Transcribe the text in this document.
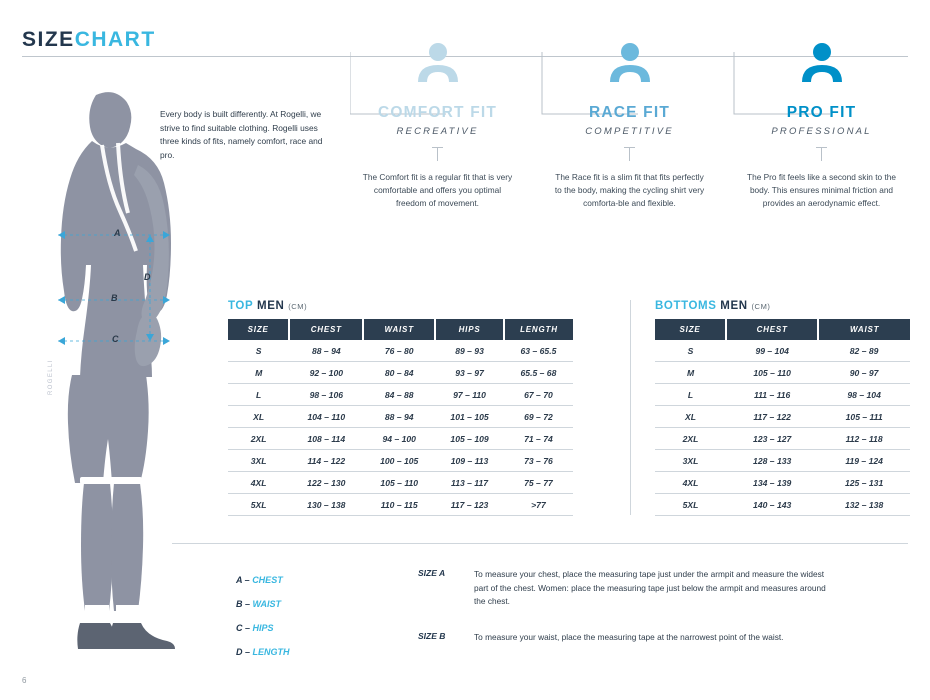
SIZECHART
Every body is built differently. At Rogelli, we strive to find suitable clothing. Rogelli uses three kinds of fits, namely comfort, race and pro.
ROGELLI
A
D
B
C
COMFORT FIT
RECREATIVE
The Comfort fit is a regular fit that is very comfortable and offers you optimal freedom of movement.
RACE FIT
COMPETITIVE
The Race fit is a slim fit that fits perfectly to the body, making the cycling shirt very comforta-ble and flexible.
PRO FIT
PROFESSIONAL
The Pro fit feels like a second skin to the body. This ensures minimal friction and provides an aerodynamic effect.
TOP MEN (CM)
SIZE	CHEST	WAIST	HIPS	LENGTH
S	88 – 94	76 – 80	89 – 93	63 – 65.5
M	92 – 100	80 – 84	93 – 97	65.5 – 68
L	98 – 106	84 – 88	97 – 110	67 – 70
XL	104 – 110	88 – 94	101 – 105	69 – 72
2XL	108 – 114	94 – 100	105 – 109	71 – 74
3XL	114 – 122	100 – 105	109 – 113	73 – 76
4XL	122 – 130	105 – 110	113 – 117	75 – 77
5XL	130 – 138	110 – 115	117 – 123	>77
BOTTOMS MEN (CM)
SIZE	CHEST	WAIST
S	99 – 104	82 – 89
M	105 – 110	90 – 97
L	111 – 116	98 – 104
XL	117 – 122	105 – 111
2XL	123 – 127	112 – 118
3XL	128 – 133	119 – 124
4XL	134 – 139	125 – 131
5XL	140 – 143	132 – 138
A – CHEST
B – WAIST
C – HIPS
D – LENGTH
SIZE A	To measure your chest, place the measuring tape just under the armpit and measure the widest part of the chest. Women: place the measuring tape just below the armpit and measures around the chest.
SIZE B	To measure your waist, place the measuring tape at the narrowest point of the waist.
6
